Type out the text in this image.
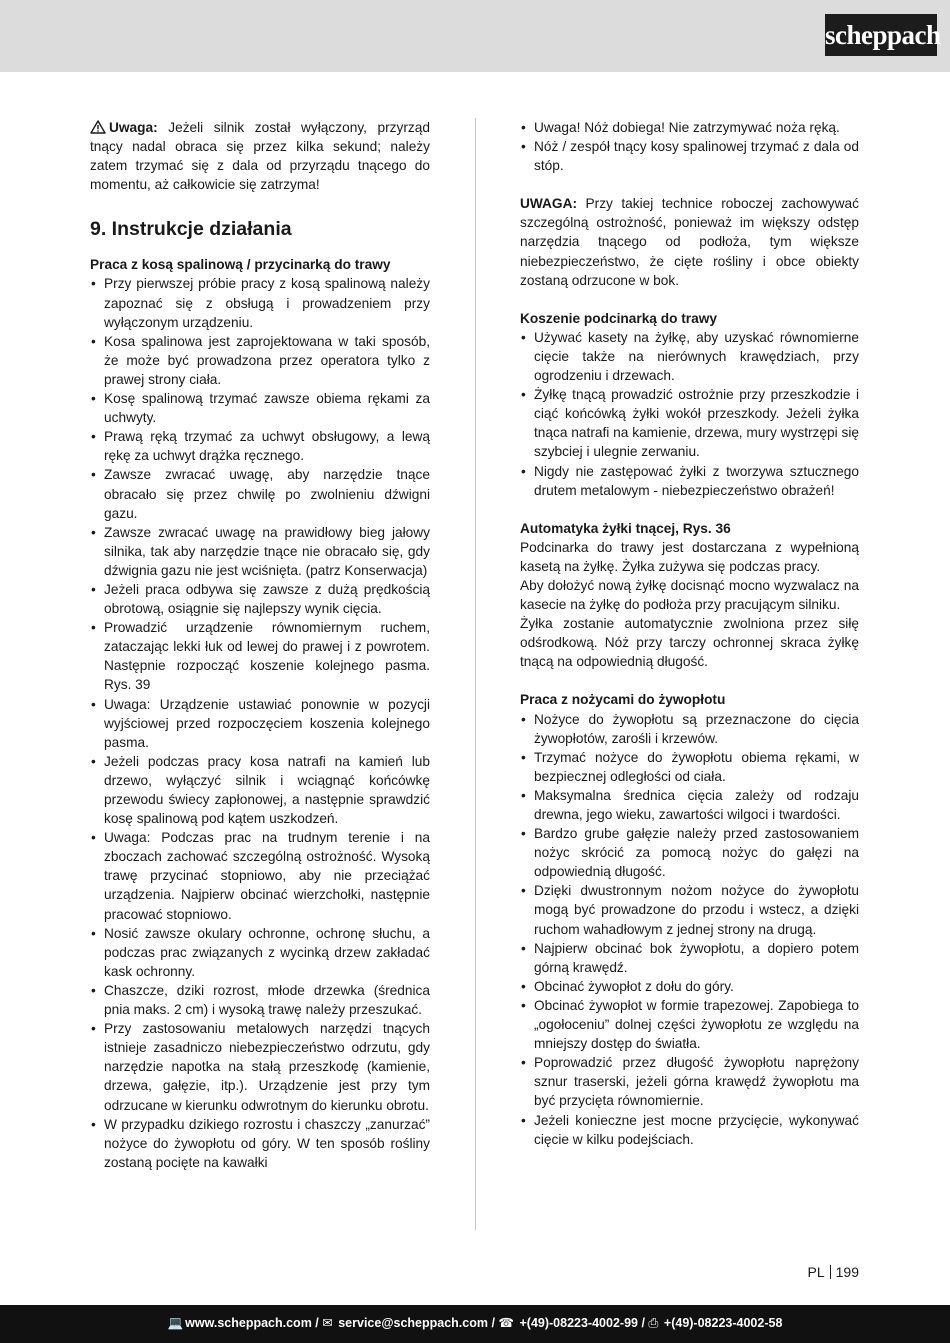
scheppach

Uwaga: Jeżeli silnik został wyłączony, przyrząd tnący nadal obraca się przez kilka sekund; należy zatem trzymać się z dala od przyrządu tnącego do momentu, aż całkowicie się zatrzyma!

9. Instrukcje działania
Praca z kosą spalinową / przycinarką do trawy
• Przy pierwszej próbie pracy z kosą spalinową należy zapoznać się z obsługą i prowadzeniem przy wyłączonym urządzeniu.
• Kosa spalinowa jest zaprojektowana w taki sposób, że może być prowadzona przez operatora tylko z prawej strony ciała.
• Kosę spalinową trzymać zawsze obiema rękami za uchwyty.
• Prawą ręką trzymać za uchwyt obsługowy, a lewą rękę za uchwyt drążka ręcznego.
• Zawsze zwracać uwagę, aby narzędzie tnące obracało się przez chwilę po zwolnieniu dźwigni gazu.
• Zawsze zwracać uwagę na prawidłowy bieg jałowy silnika, tak aby narzędzie tnące nie obracało się, gdy dźwignia gazu nie jest wciśnięta. (patrz Konserwacja)
• Jeżeli praca odbywa się zawsze z dużą prędkością obrotową, osiągnie się najlepszy wynik cięcia.
• Prowadzić urządzenie równomiernym ruchem, zataczając lekki łuk od lewej do prawej i z powrotem. Następnie rozpocząć koszenie kolejnego pasma. Rys. 39
• Uwaga: Urządzenie ustawiać ponownie w pozycji wyjściowej przed rozpoczęciem koszenia kolejnego pasma.
• Jeżeli podczas pracy kosa natrafi na kamień lub drzewo, wyłączyć silnik i wciągnąć końcówkę przewodu świecy zapłonowej, a następnie sprawdzić kosę spalinową pod kątem uszkodzeń.
• Uwaga: Podczas prac na trudnym terenie i na zboczach zachować szczególną ostrożność. Wysoką trawę przycinać stopniowo, aby nie przeciążać urządzenia. Najpierw obcinać wierzchołki, następnie pracować stopniowo.
• Nosić zawsze okulary ochronne, ochronę słuchu, a podczas prac związanych z wycinką drzew zakładać kask ochronny.
• Chaszcze, dziki rozrost, młode drzewka (średnica pnia maks. 2 cm) i wysoką trawę należy przeszukać.
• Przy zastosowaniu metalowych narzędzi tnących istnieje zasadniczo niebezpieczeństwo odrzutu, gdy narzędzie napotka na stałą przeszkodę (kamienie, drzewa, gałęzie, itp.). Urządzenie jest przy tym odrzucane w kierunku odwrotnym do kierunku obrotu.
• W przypadku dzikiego rozrostu i chaszczy „zanurzać” nożyce do żywopłotu od góry. W ten sposób rośliny zostaną pocięte na kawałki
• Uwaga! Nóż dobiega! Nie zatrzymywać noża ręką.
• Nóż / zespół tnący kosy spalinowej trzymać z dala od stóp.

UWAGA: Przy takiej technice roboczej zachowywać szczególną ostrożność, ponieważ im większy odstęp narzędzia tnącego od podłoża, tym większe niebezpieczeństwo, że cięte rośliny i obce obiekty zostaną odrzucone w bok.

Koszenie podcinarką do trawy
• Używać kasety na żyłkę, aby uzyskać równomierne cięcie także na nierównych krawędziach, przy ogrodzeniu i drzewach.
• Żyłkę tnącą prowadzić ostrożnie przy przeszkodzie i ciąć końcówką żyłki wokół przeszkody. Jeżeli żyłka tnąca natrafi na kamienie, drzewa, mury wystrzępi się szybciej i ulegnie zerwaniu.
• Nigdy nie zastępować żyłki z tworzywa sztucznego drutem metalowym - niebezpieczeństwo obrażeń!
Automatyka żyłki tnącej, Rys. 36

Podcinarka do trawy jest dostarczana z wypełnioną kasetą na żyłkę. Żyłka zużywa się podczas pracy.

Aby dołożyć nową żyłkę docisnąć mocno wyzwalacz na kasecie na żyłkę do podłoża przy pracującym silniku.

Żyłka zostanie automatycznie zwolniona przez siłę odśrodkową. Nóż przy tarczy ochronnej skraca żyłkę tnącą na odpowiednią długość.

Praca z nożycami do żywopłotu
• Nożyce do żywopłotu są przeznaczone do cięcia żywopłotów, zarośli i krzewów.
• Trzymać nożyce do żywopłotu obiema rękami, w bezpiecznej odległości od ciała.
• Maksymalna średnica cięcia zależy od rodzaju drewna, jego wieku, zawartości wilgoci i twardości.
• Bardzo grube gałęzie należy przed zastosowaniem nożyc skrócić za pomocą nożyc do gałęzi na odpowiednią długość.
• Dzięki dwustronnym nożom nożyce do żywopłotu mogą być prowadzone do przodu i wstecz, a dzięki ruchom wahadłowym z jednej strony na drugą.
• Najpierw obcinać bok żywopłotu, a dopiero potem górną krawędź.
• Obcinać żywopłot z dołu do góry.
• Obcinać żywopłot w formie trapezowej. Zapobiega to „ogołoceniu” dolnej części żywopłotu ze względu na mniejszy dostęp do światła.
• Poprowadzić przez długość żywopłotu naprężony sznur traserski, jeżeli górna krawędź żywopłotu ma być przycięta równomiernie.
• Jeżeli konieczne jest mocne przycięcie, wykonywać cięcie w kilku podejściach.
PL 199
💻 www.scheppach.com / ✉ service@scheppach.com / ☎ +(49)-08223-4002-99 / ⎙ +(49)-08223-4002-58
